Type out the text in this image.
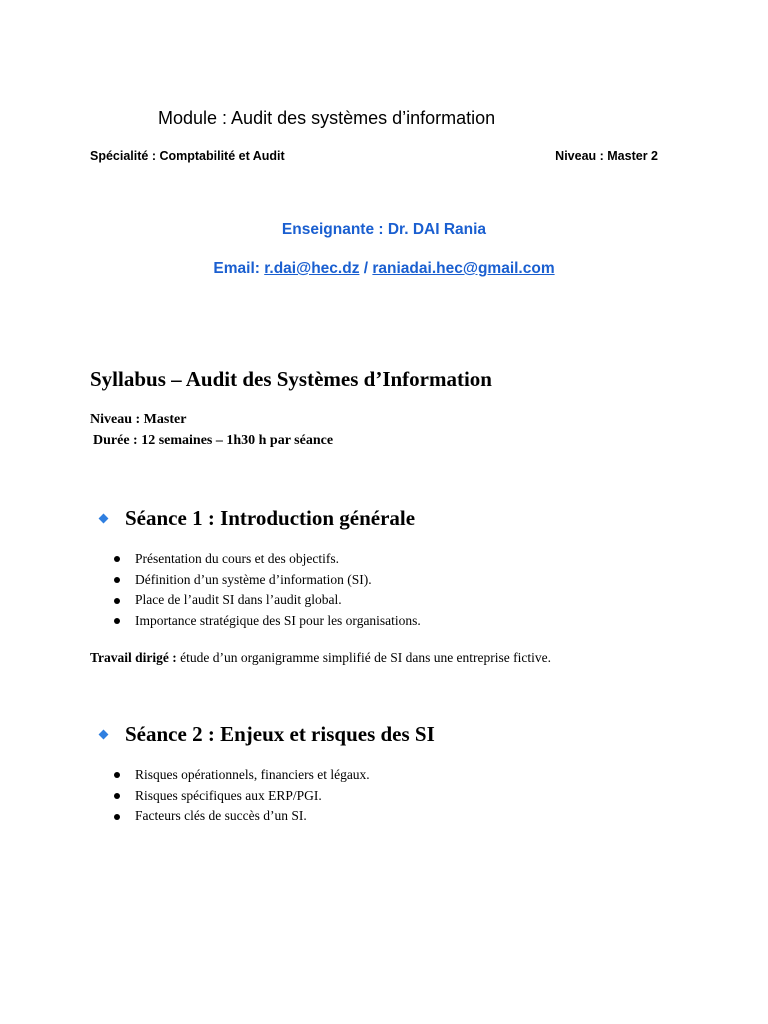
Module : Audit des systèmes d’information
Spécialité : Comptabilité et Audit	Niveau : Master 2
Enseignante : Dr. DAI Rania
Email: r.dai@hec.dz / raniadai.hec@gmail.com
Syllabus – Audit des Systèmes d’Information
Niveau : Master
Durée : 12 semaines – 1h30 h par séance
Séance 1 : Introduction générale
Présentation du cours et des objectifs.
Définition d’un système d’information (SI).
Place de l’audit SI dans l’audit global.
Importance stratégique des SI pour les organisations.
Travail dirigé : étude d’un organigramme simplifié de SI dans une entreprise fictive.
Séance 2 : Enjeux et risques des SI
Risques opérationnels, financiers et légaux.
Risques spécifiques aux ERP/PGI.
Facteurs clés de succès d’un SI.
